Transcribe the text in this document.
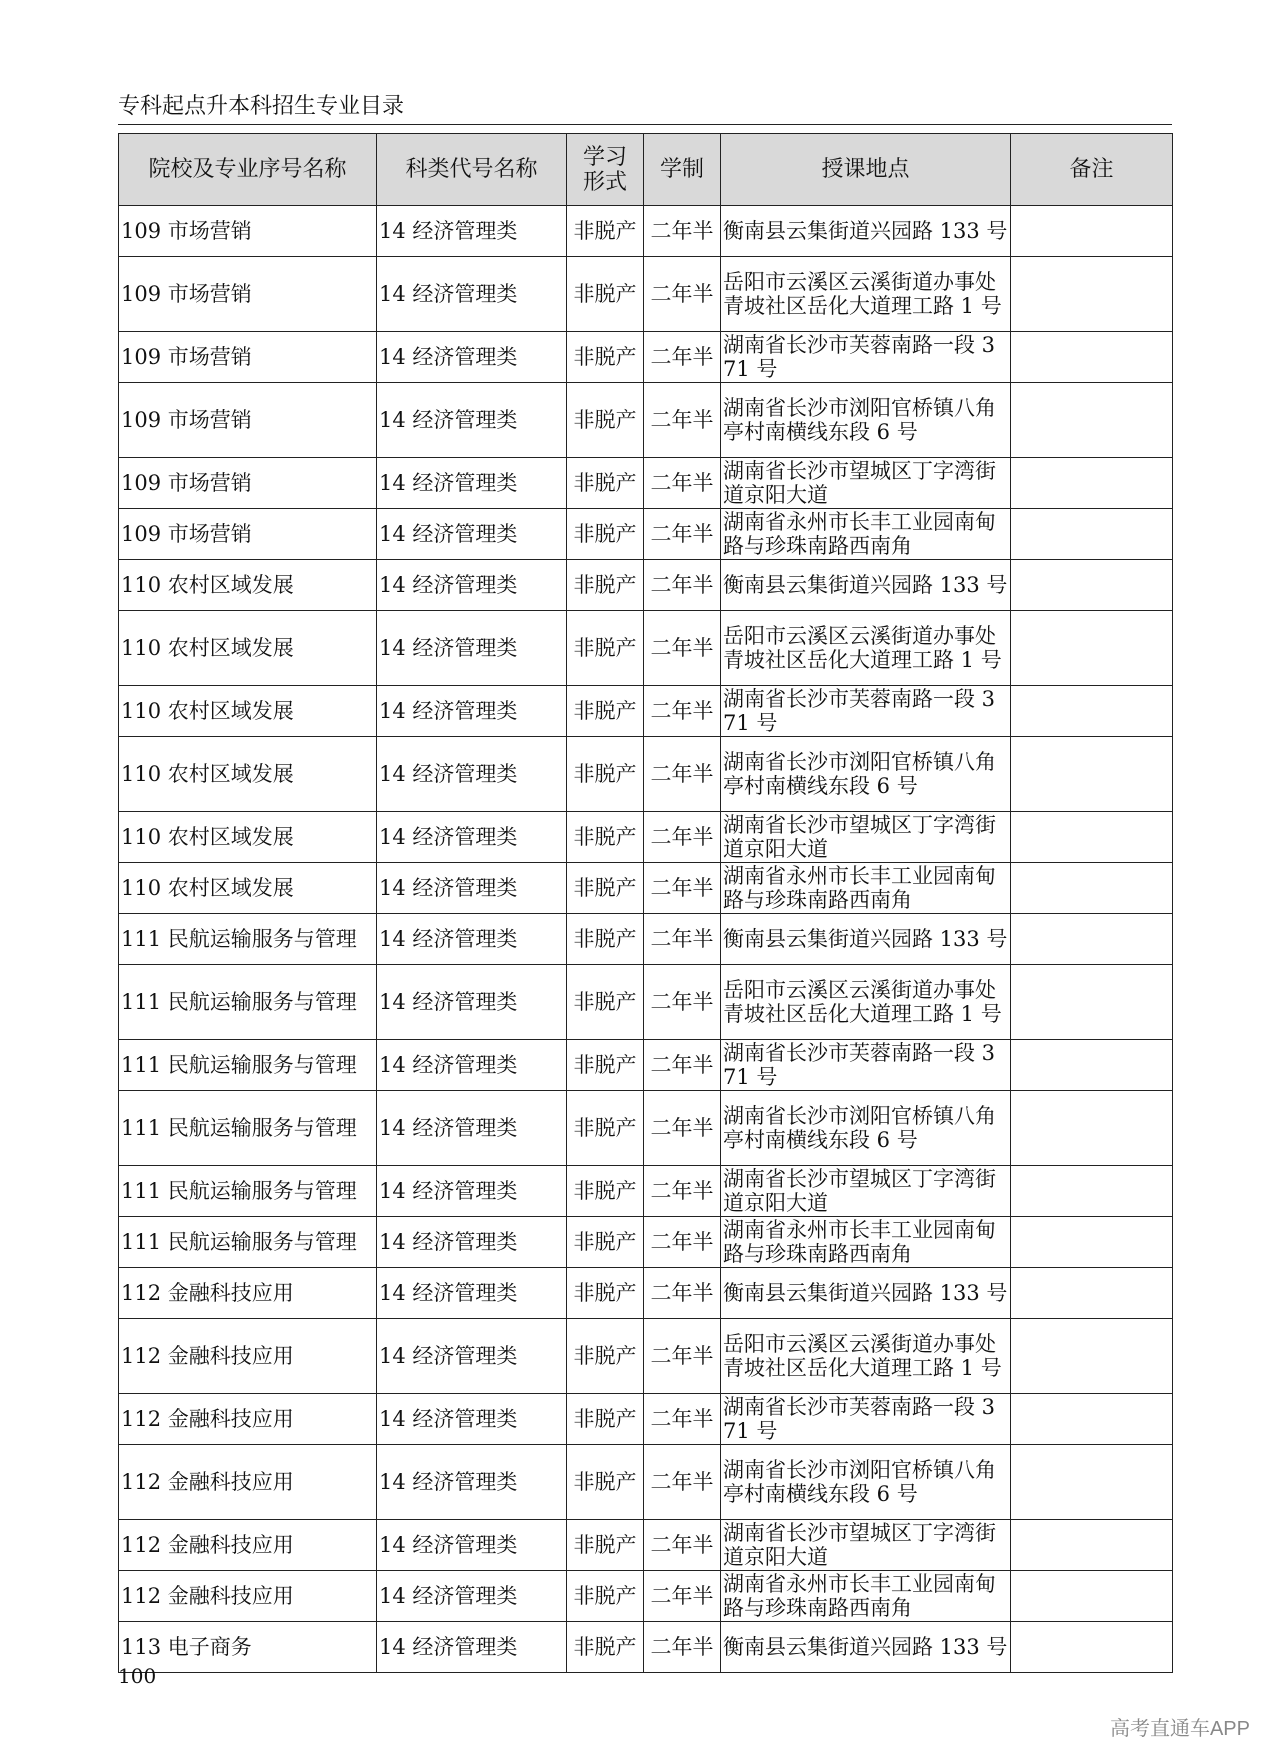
专科起点升本科招生专业目录
院校及专业序号名称	科类代号名称	学习形式	学制	授课地点	备注
109 市场营销	14 经济管理类	非脱产	二年半	衡南县云集街道兴园路 133 号	
109 市场营销	14 经济管理类	非脱产	二年半	岳阳市云溪区云溪街道办事处青坡社区岳化大道理工路 1 号	
109 市场营销	14 经济管理类	非脱产	二年半	湖南省长沙市芙蓉南路一段 371 号	
109 市场营销	14 经济管理类	非脱产	二年半	湖南省长沙市浏阳官桥镇八角亭村南横线东段 6 号	
109 市场营销	14 经济管理类	非脱产	二年半	湖南省长沙市望城区丁字湾街道京阳大道	
109 市场营销	14 经济管理类	非脱产	二年半	湖南省永州市长丰工业园南甸路与珍珠南路西南角	
110 农村区域发展	14 经济管理类	非脱产	二年半	衡南县云集街道兴园路 133 号	
110 农村区域发展	14 经济管理类	非脱产	二年半	岳阳市云溪区云溪街道办事处青坡社区岳化大道理工路 1 号	
110 农村区域发展	14 经济管理类	非脱产	二年半	湖南省长沙市芙蓉南路一段 371 号	
110 农村区域发展	14 经济管理类	非脱产	二年半	湖南省长沙市浏阳官桥镇八角亭村南横线东段 6 号	
110 农村区域发展	14 经济管理类	非脱产	二年半	湖南省长沙市望城区丁字湾街道京阳大道	
110 农村区域发展	14 经济管理类	非脱产	二年半	湖南省永州市长丰工业园南甸路与珍珠南路西南角	
111 民航运输服务与管理	14 经济管理类	非脱产	二年半	衡南县云集街道兴园路 133 号	
111 民航运输服务与管理	14 经济管理类	非脱产	二年半	岳阳市云溪区云溪街道办事处青坡社区岳化大道理工路 1 号	
111 民航运输服务与管理	14 经济管理类	非脱产	二年半	湖南省长沙市芙蓉南路一段 371 号	
111 民航运输服务与管理	14 经济管理类	非脱产	二年半	湖南省长沙市浏阳官桥镇八角亭村南横线东段 6 号	
111 民航运输服务与管理	14 经济管理类	非脱产	二年半	湖南省长沙市望城区丁字湾街道京阳大道	
111 民航运输服务与管理	14 经济管理类	非脱产	二年半	湖南省永州市长丰工业园南甸路与珍珠南路西南角	
112 金融科技应用	14 经济管理类	非脱产	二年半	衡南县云集街道兴园路 133 号	
112 金融科技应用	14 经济管理类	非脱产	二年半	岳阳市云溪区云溪街道办事处青坡社区岳化大道理工路 1 号	
112 金融科技应用	14 经济管理类	非脱产	二年半	湖南省长沙市芙蓉南路一段 371 号	
112 金融科技应用	14 经济管理类	非脱产	二年半	湖南省长沙市浏阳官桥镇八角亭村南横线东段 6 号	
112 金融科技应用	14 经济管理类	非脱产	二年半	湖南省长沙市望城区丁字湾街道京阳大道	
112 金融科技应用	14 经济管理类	非脱产	二年半	湖南省永州市长丰工业园南甸路与珍珠南路西南角	
113 电子商务	14 经济管理类	非脱产	二年半	衡南县云集街道兴园路 133 号	
100
高考直通车APP
